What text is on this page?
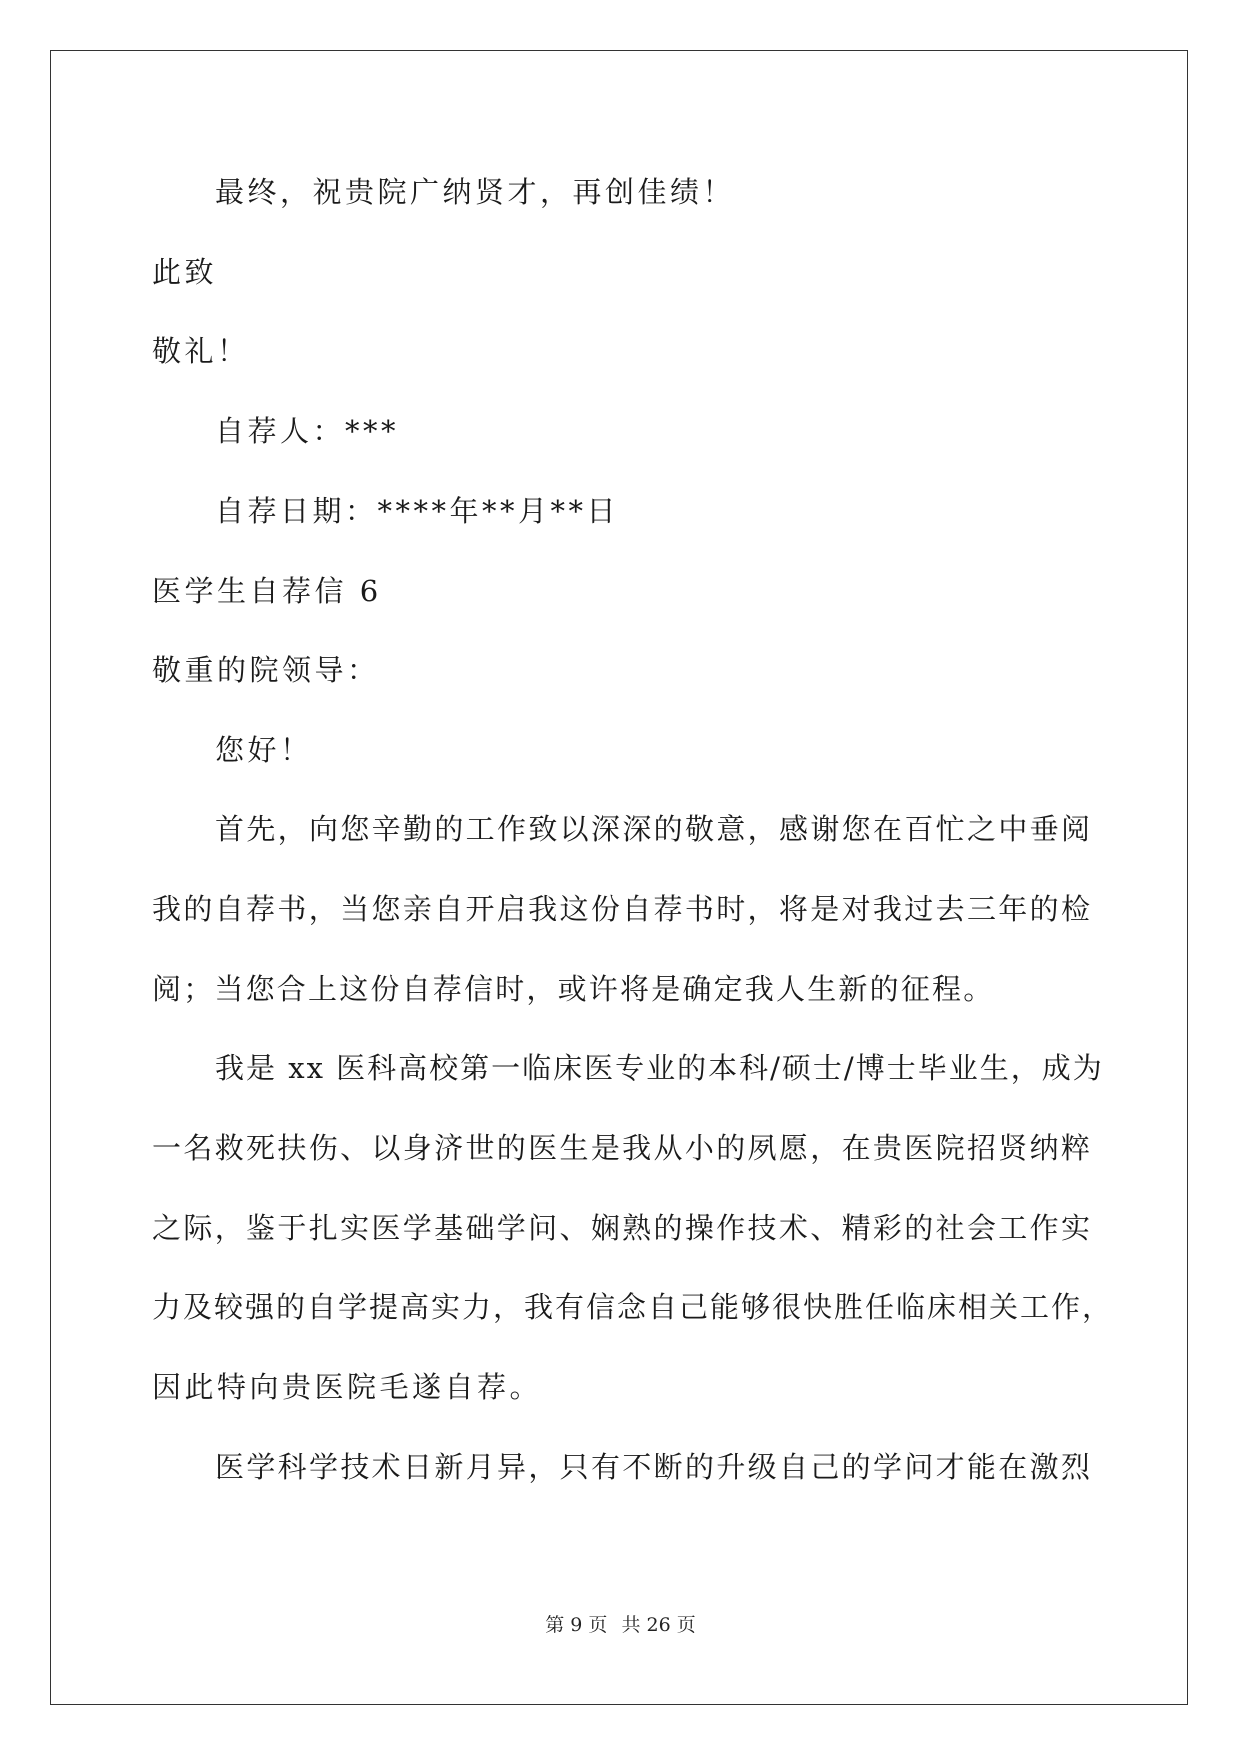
最终，祝贵院广纳贤才，再创佳绩！
此致
敬礼！
自荐人：***
自荐日期：****年**月**日
医学生自荐信 6
敬重的院领导：
您好！
首先，向您辛勤的工作致以深深的敬意，感谢您在百忙之中垂阅
我的自荐书，当您亲自开启我这份自荐书时，将是对我过去三年的检
阅；当您合上这份自荐信时，或许将是确定我人生新的征程。
我是 xx 医科高校第一临床医专业的本科/硕士/博士毕业生，成为
一名救死扶伤、以身济世的医生是我从小的夙愿，在贵医院招贤纳粹
之际，鉴于扎实医学基础学问、娴熟的操作技术、精彩的社会工作实
力及较强的自学提高实力，我有信念自己能够很快胜任临床相关工作，
因此特向贵医院毛遂自荐。
医学科学技术日新月异，只有不断的升级自己的学问才能在激烈
第 9 页 共 26 页
